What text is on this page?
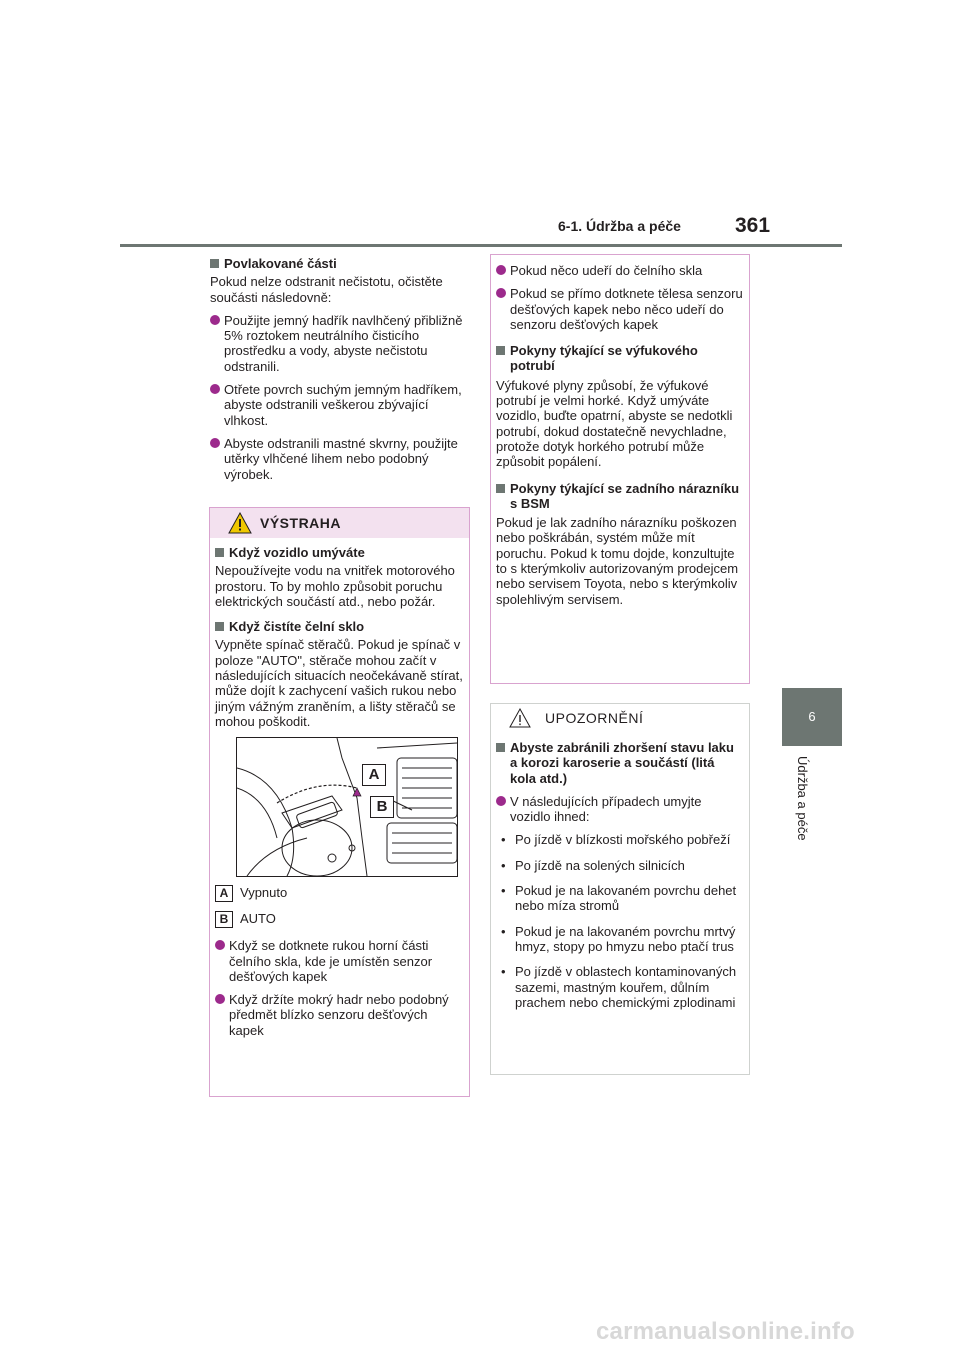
6-1. Údržba a péče	361
6
Údržba a péče

Povlakované části

Pokud nelze odstranit nečistotu, očistěte součásti následovně:

Použijte jemný hadřík navlhčený přibližně 5% roztokem neutrálního čisticího prostředku a vody, abyste nečistotu odstranili.
Otřete povrch suchým jemným hadříkem, abyste odstranili veškerou zbývající vlhkost.
Abyste odstranili mastné skvrny, použijte utěrky vlhčené lihem nebo podobný výrobek.
VÝSTRAHA

Když vozidlo umýváte

Nepoužívejte vodu na vnitřek motorového prostoru. To by mohlo způsobit poruchu elektrických součástí atd., nebo požár.

Když čistíte čelní sklo

Vypněte spínač stěračů. Pokud je spínač v poloze "AUTO", stěrače mohou začít v následujících situacích neočekávaně stírat, může dojít k zachycení vašich rukou nebo jiným vážným zraněním, a lišty stěračů se mohou poškodit.

A
B

A Vypnuto

B AUTO

Když se dotknete rukou horní části čelního skla, kde je umístěn senzor dešťových kapek
Když držíte mokrý hadr nebo podobný předmět blízko senzoru dešťových kapek
Pokud něco udeří do čelního skla
Pokud se přímo dotknete tělesa senzoru dešťových kapek nebo něco udeří do senzoru dešťových kapek

Pokyny týkající se výfukového potrubí

Výfukové plyny způsobí, že výfukové potrubí je velmi horké. Když umýváte vozidlo, buďte opatrní, abyste se nedotkli potrubí, dokud dostatečně nevychladne, protože dotyk horkého potrubí může způsobit popálení.

Pokyny týkající se zadního nárazníku s BSM

Pokud je lak zadního nárazníku poškozen nebo poškrábán, systém může mít poruchu. Pokud k tomu dojde, konzultujte to s kterýmkoliv autorizovaným prodejcem nebo servisem Toyota, nebo s kterýmkoliv spolehlivým servisem.

UPOZORNĚNÍ

Abyste zabránili zhoršení stavu laku a korozi karoserie a součástí (litá kola atd.)

V následujících případech umyjte vozidlo ihned:
• Po jízdě v blízkosti mořského pobřeží
• Po jízdě na solených silnicích
• Pokud je na lakovaném povrchu dehet nebo míza stromů
• Pokud je na lakovaném povrchu mrtvý hmyz, stopy po hmyzu nebo ptačí trus
• Po jízdě v oblastech kontaminovaných sazemi, mastným kouřem, důlním prachem nebo chemickými zplodinami
carmanualsonline.info
